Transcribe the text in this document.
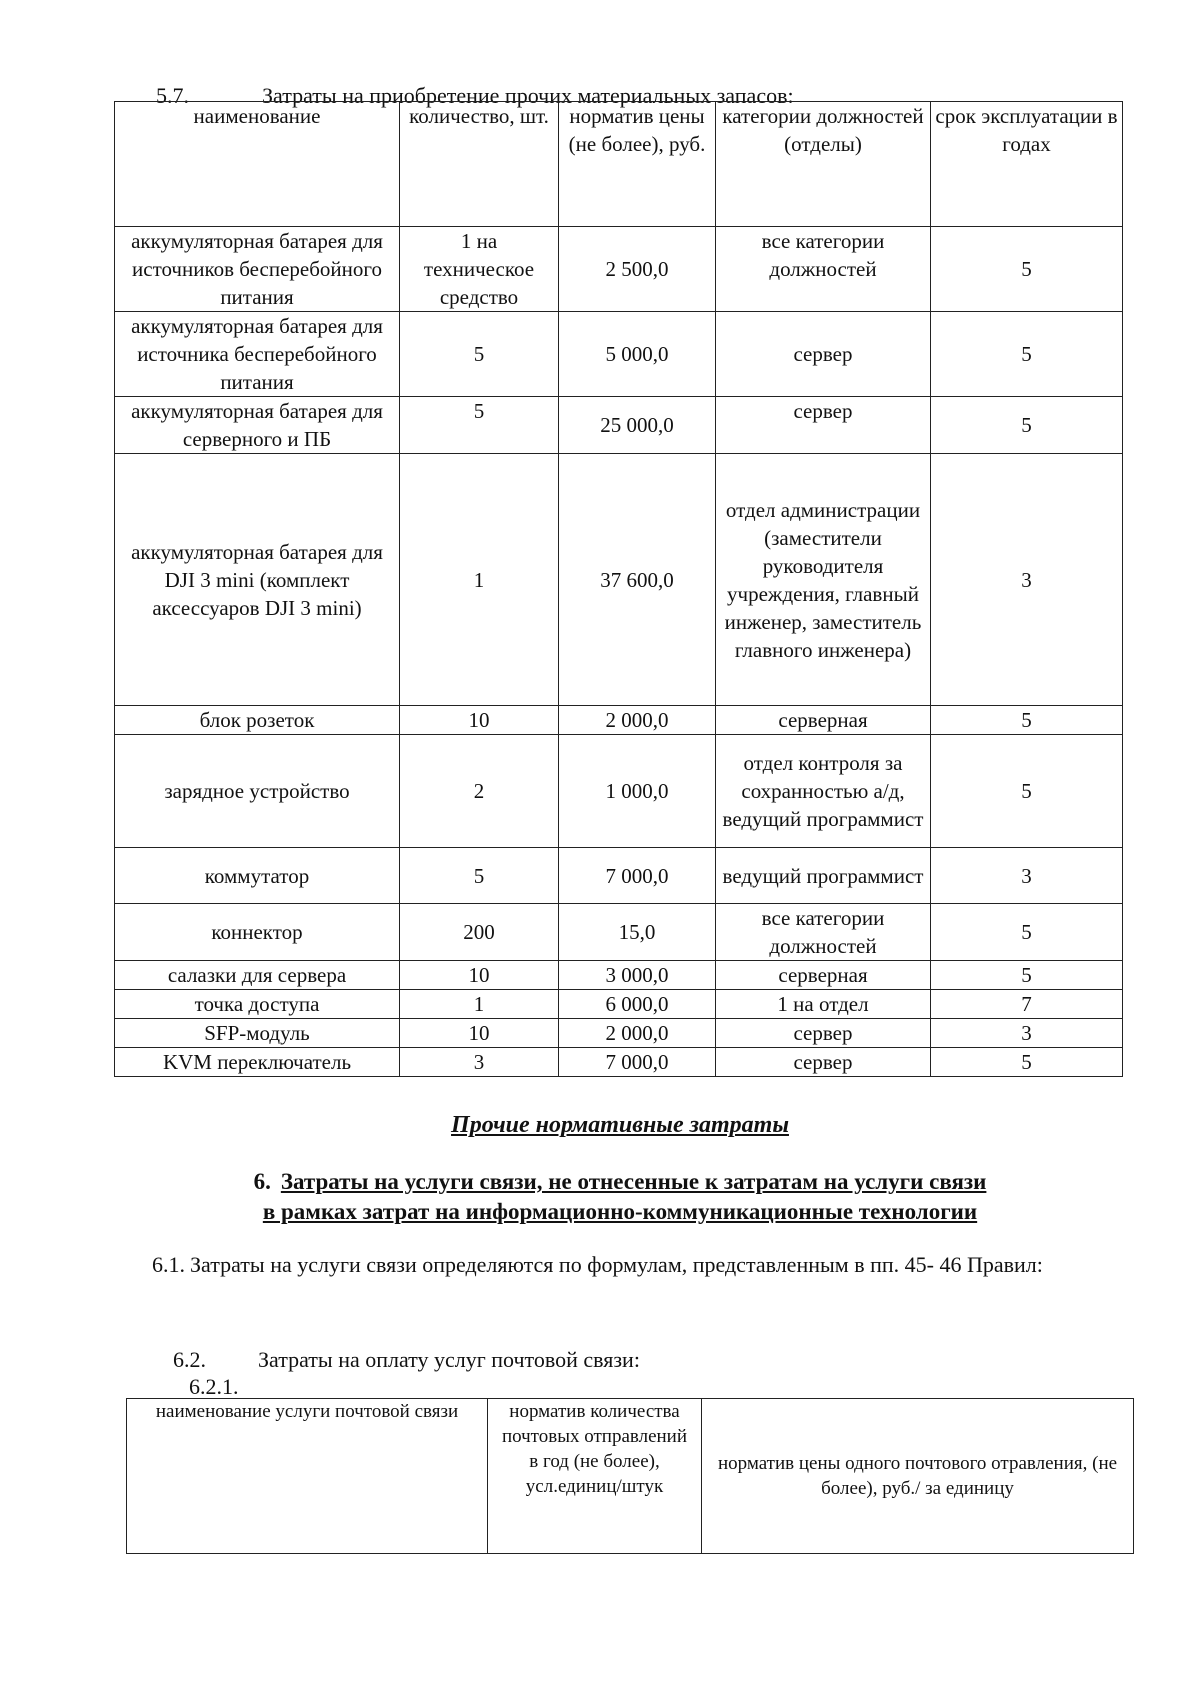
5.7.	Затраты на приобретение прочих материальных запасов:
наименование	количество, шт.	норматив цены (не более), руб.	категории должностей (отделы)	срок эксплуатации в годах
аккумуляторная батарея для источников бесперебойного питания	1 на техническое средство	2 500,0	все категории должностей	5
аккумуляторная батарея для источника бесперебойного питания	5	5 000,0	сервер	5
аккумуляторная батарея для серверного и ПБ	5	25 000,0	сервер	5
аккумуляторная батарея для DJI 3 mini (комплект аксессуаров DJI 3 mini)	1	37 600,0	отдел администрации (заместители руководителя учреждения, главный инженер, заместитель главного инженера)	3
блок розеток	10	2 000,0	серверная	5
зарядное устройство	2	1 000,0	отдел контроля за сохранностью а/д, ведущий программист	5
коммутатор	5	7 000,0	ведущий программист	3
коннектор	200	15,0	все категории должностей	5
салазки для сервера	10	3 000,0	серверная	5
точка доступа	1	6 000,0	1 на отдел	7
SFP-модуль	10	2 000,0	сервер	3
KVM переключатель	3	7 000,0	сервер	5
Прочие нормативные затраты
6. Затраты на услуги связи, не отнесенные к затратам на услуги связи
в рамках затрат на информационно-коммуникационные технологии
6.1. Затраты на услуги связи определяются по формулам, представленным в пп. 45- 46 Правил:
6.2. Затраты на оплату услуг почтовой связи:
6.2.1.
наименование услуги почтовой связи	норматив количества почтовых отправлений в год (не более), усл.единиц/штук	норматив цены одного почтового отравления, (не более), руб./ за единицу
